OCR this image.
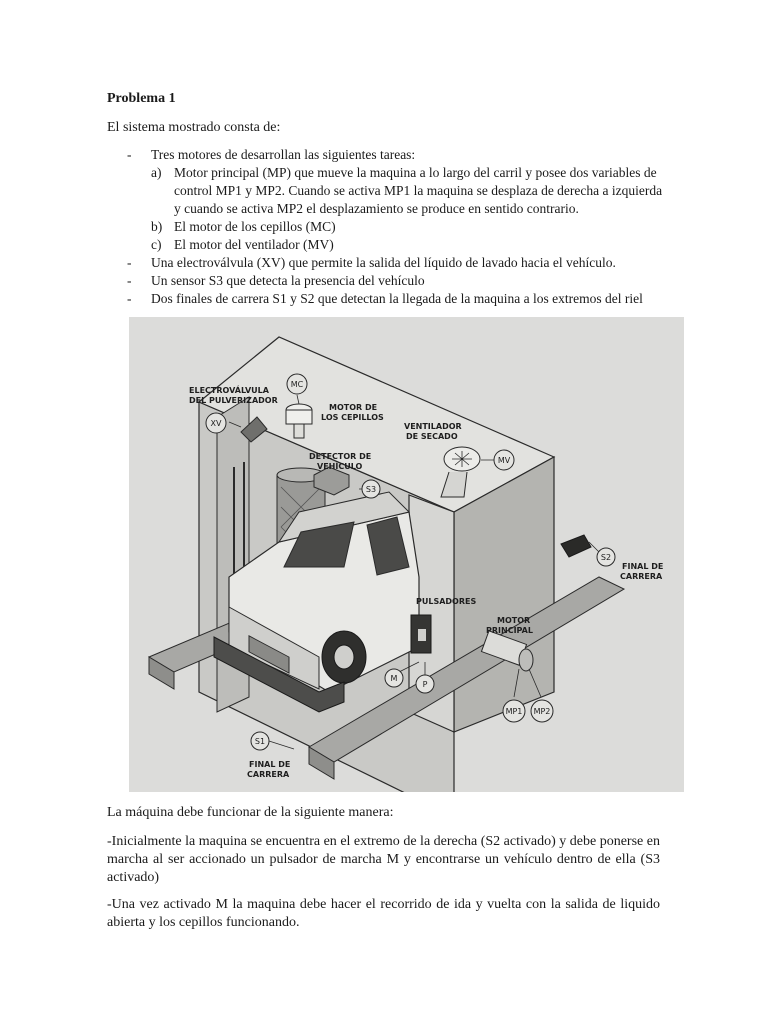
Problema 1
El sistema mostrado consta de:
-	Tres motores de desarrollan las siguientes tareas:
a) Motor principal (MP) que mueve la maquina a lo largo del carril y posee dos variables de control MP1 y MP2. Cuando se activa MP1 la maquina se desplaza de derecha a izquierda y cuando se activa MP2 el desplazamiento se produce en sentido contrario.
b) El motor de los cepillos (MC)
c) El motor del ventilador (MV)
-	Una electroválvula (XV) que permite la salida del líquido de lavado hacia el vehículo.
-	Un sensor S3 que detecta la presencia del vehículo
-	Dos finales de carrera S1 y S2 que detectan la llegada de la maquina a los extremos del riel
MC
XV
S3
MV
S2
S1
M
P
MP1 MP2
ELECTROVÁLVULA
DEL PULVERIZADOR
MOTOR DE
LOS CEPILLOS
VENTILADOR
DE SECADO
DETECTOR DE
VEHÍCULO
PULSADORES
MOTOR
PRINCIPAL
FINAL DE
CARRERA
FINAL DE
CARRERA
La máquina debe funcionar de la siguiente manera:
-Inicialmente la maquina se encuentra en el extremo de la derecha (S2 activado) y debe ponerse en marcha al ser accionado un pulsador de marcha M y encontrarse un vehículo dentro de ella (S3 activado)
-Una vez activado M la maquina debe hacer el recorrido de ida y vuelta con la salida de liquido abierta y los cepillos funcionando.
